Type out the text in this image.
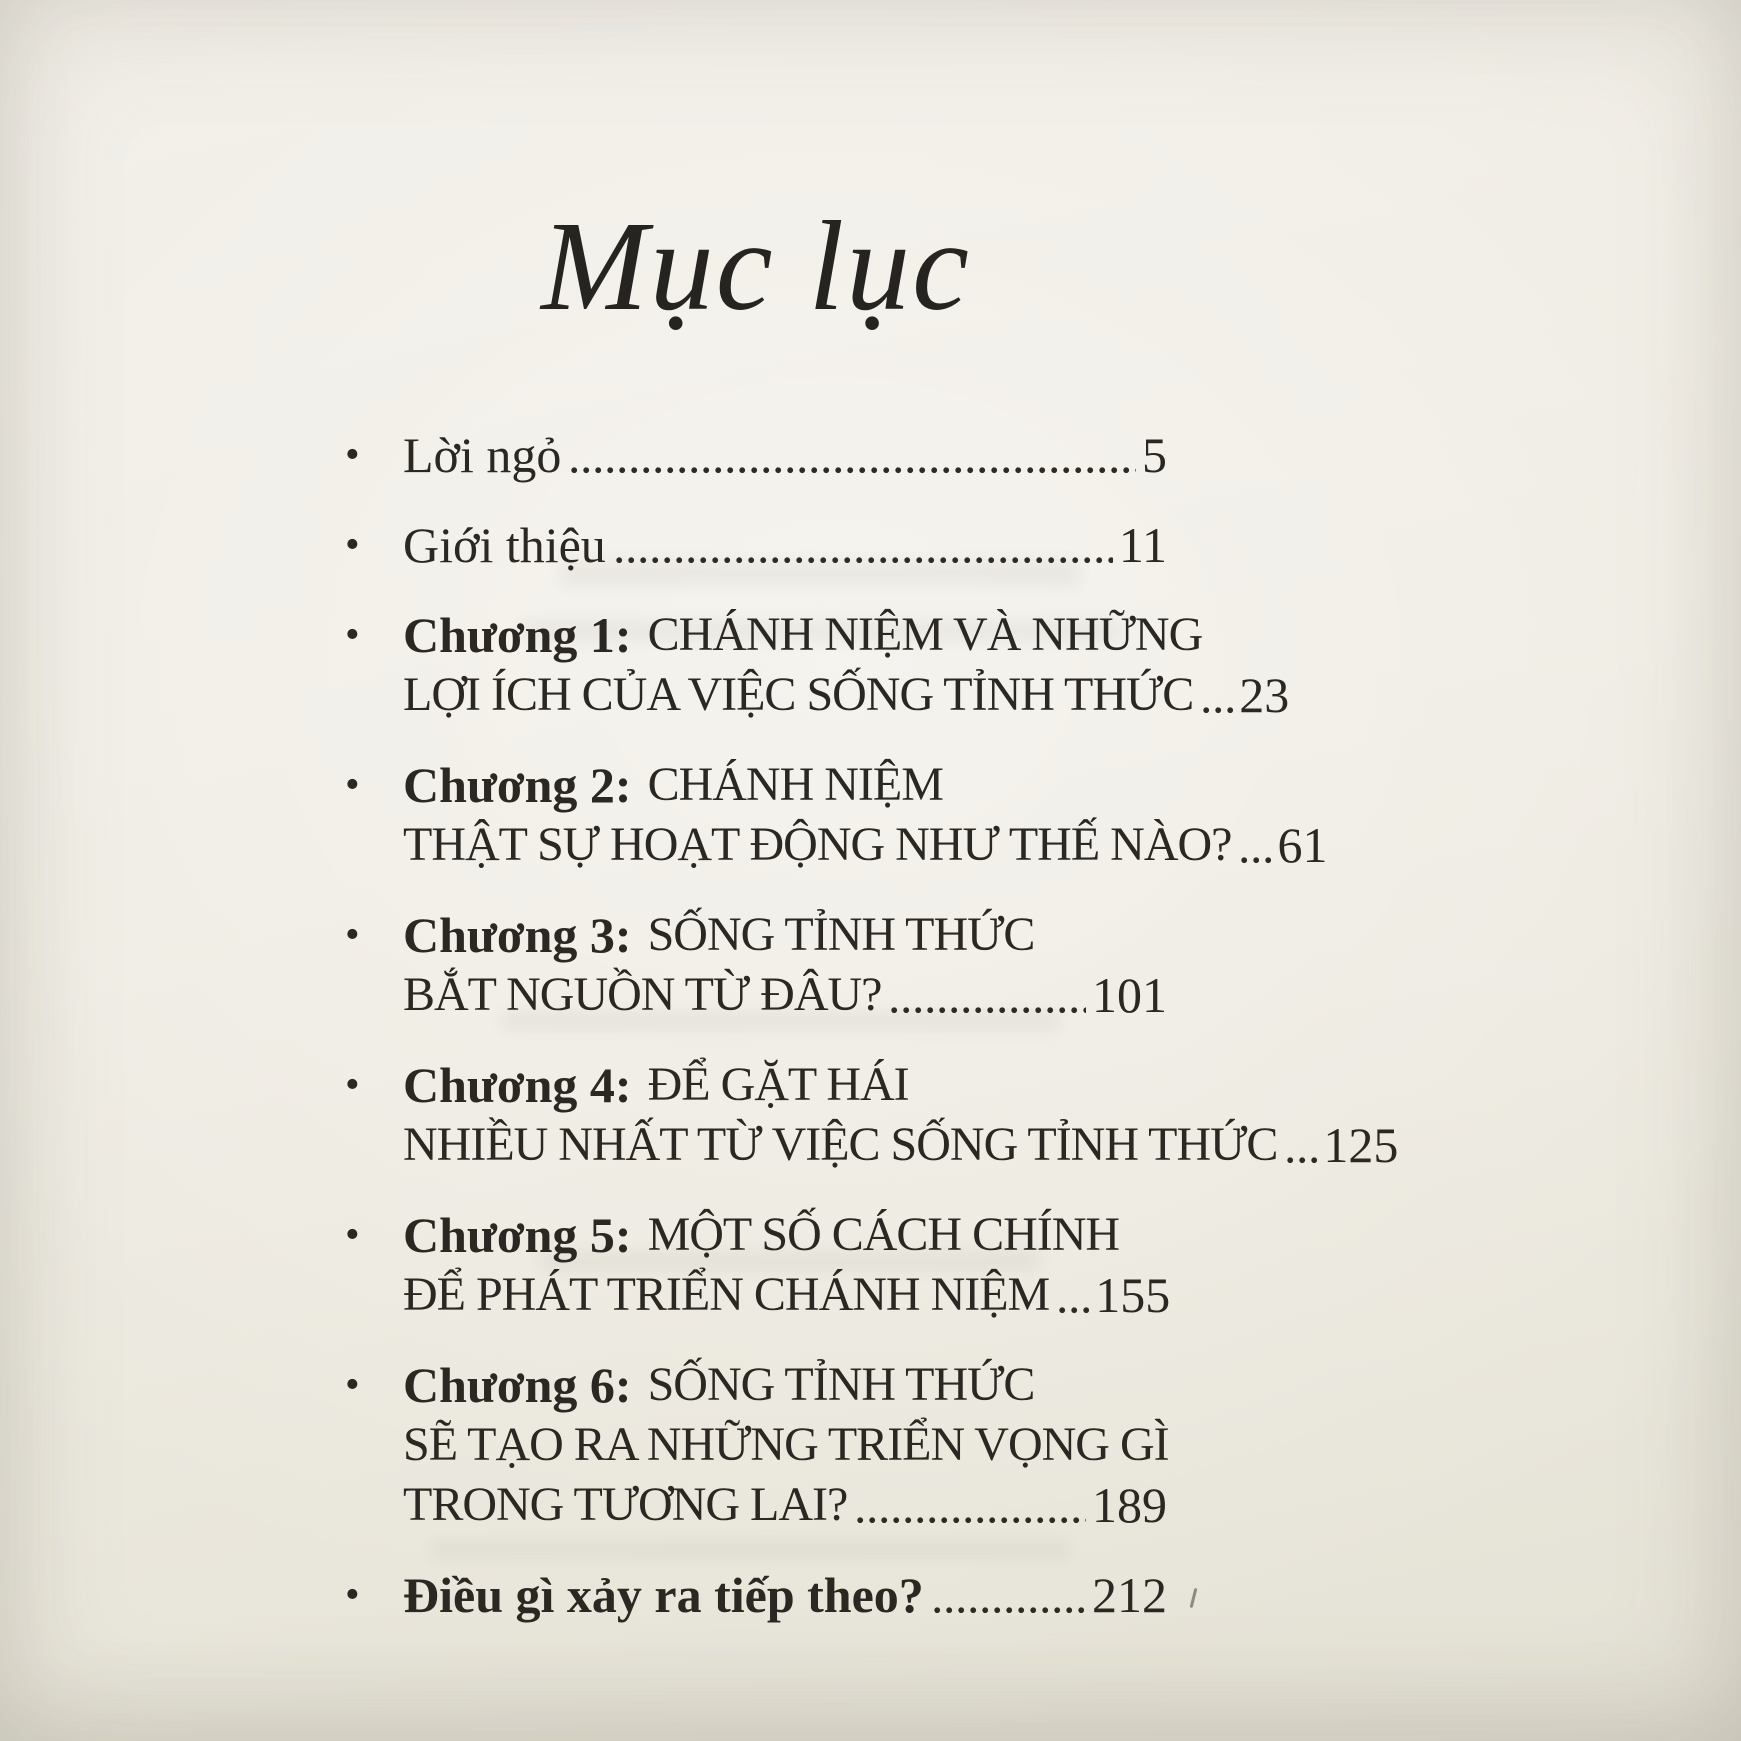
Mục lục
• Lời ngỏ	5
• Giới thiệu	11
• Chương 1: CHÁNH NIỆM VÀ NHỮNG
LỢI ÍCH CỦA VIỆC SỐNG TỈNH THỨC 23
• Chương 2: CHÁNH NIỆM
THẬT SỰ HOẠT ĐỘNG NHƯ THẾ NÀO? 61
• Chương 3: SỐNG TỈNH THỨC
BẮT NGUỒN TỪ ĐÂU?	101
• Chương 4: ĐỂ GẶT HÁI
NHIỀU NHẤT TỪ VIỆC SỐNG TỈNH THỨC 125
• Chương 5: MỘT SỐ CÁCH CHÍNH
ĐỂ PHÁT TRIỂN CHÁNH NIỆM 155
• Chương 6: SỐNG TỈNH THỨC
SẼ TẠO RA NHỮNG TRIỂN VỌNG GÌ
TRONG TƯƠNG LAI?	189
• Điều gì xảy ra tiếp theo?	212
